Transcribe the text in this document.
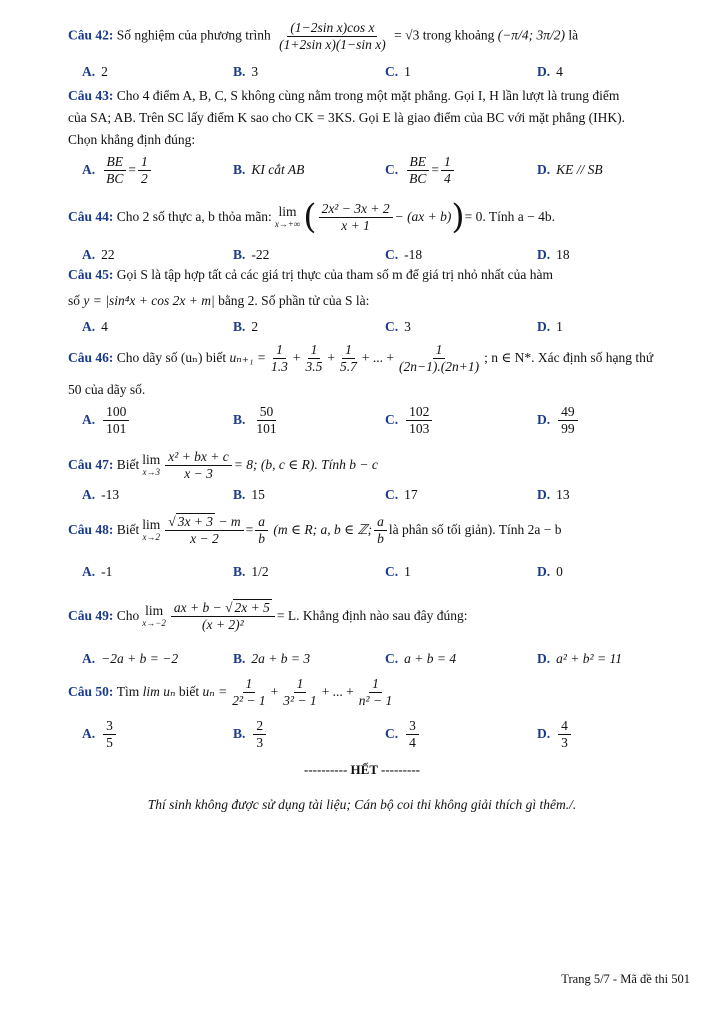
Câu 42: Số nghiệm của phương trình $\frac{\text{(1−2sin x)cos x}}{\text{(1+2sin x)(1−sin x)}} = √3$ trong khoảng (−π/4; 3π/2) là
A. 2	B. 3	C. 1	D. 4
Câu 43: Cho 4 điểm A, B, C, S không cùng nằm trong một mặt phẳng. Gọi I, H lần lượt là trung điểm
của SA; AB. Trên SC lấy điểm K sao cho CK = 3KS. Gọi E là giao điểm của BC với mặt phẳng (IHK).
Chọn khẳng định đúng:
A. $\frac{BE}{BC} = \frac{1}{2}$	B. KI cắt AB	C. $\frac{BE}{BC} = \frac{1}{4}$	D. KE // SB
Câu 44:
Cho 2 số thực a, b thỏa mãn: lim
x→+∞ ( $\frac{\text{2x² − 3x + 2}}{x + 1} - (ax + b)$ ) = 0. Tính a − 4b.
A. 22	B. -22	C. -18	D. 18
Câu 45: Gọi S là tập hợp tất cả các giá trị thực của tham số m để giá trị nhỏ nhất của hàm
số y = |sin⁴x + cos 2x + m| bằng 2. Số phần tử của S là:
A. 4	B. 2	C. 3	D. 1
Câu 46:
Cho dãy số (uₙ) biết
$u_{n+1} = \frac{1}{1.3} + \frac{1}{3.5} + \frac{1}{5.7}$ + ... + $\frac{1}{(2n-1).(2n+1)}$ ; n ∈ N*. Xác định số hạng thứ
50 của dãy số.
A. $\frac{100}{101}$	B. $\frac{50}{101}$	C. $\frac{102}{103}$	D. $\frac{49}{99}$
Câu 47:
Biết lim
$x\to 3 \frac{\text{x² + bx + c}}{x - 3} = 8$; (b, c ∈ R). Tính b − c
A. -13	B. 15	C. 17	D. 13
Câu 48:
Biết lim
$x\to 2 \frac{√ 3x + 3 - m}{x - 2} = \frac{a}{b}$
(m ∈ R; a, b ∈ ℤ; $\frac{a}{b}$ là phân số tối giản). Tính 2a − b
A. -1	B. 1/2	C. 1	D. 0
Câu 49:
Cho lim
$x\to-2 \frac{ax + b - √ 2x + 5}{\text{(x + 2)²}} = L$. Khẳng định nào sau đây đúng:
A. −2a + b = −2	B. 2a + b = 3	C. a + b = 4	D. a² + b² = 11
Câu 50:
Tìm
lim uₙ
biết
$u_n = \frac{1}{\text{2² − 1}} + \frac{1}{\text{3² − 1}}$ + ... + $\frac{1}{\text{n² − 1}}$
A. $\frac{3}{5}$	B. $\frac{2}{3}$	C. $\frac{3}{4}$	D. $\frac{4}{3}$
---------- HẾT ---------
Thí sinh không được sử dụng tài liệu; Cán bộ coi thi không giải thích gì thêm./.
Trang 5/7 - Mã đề thi 501
